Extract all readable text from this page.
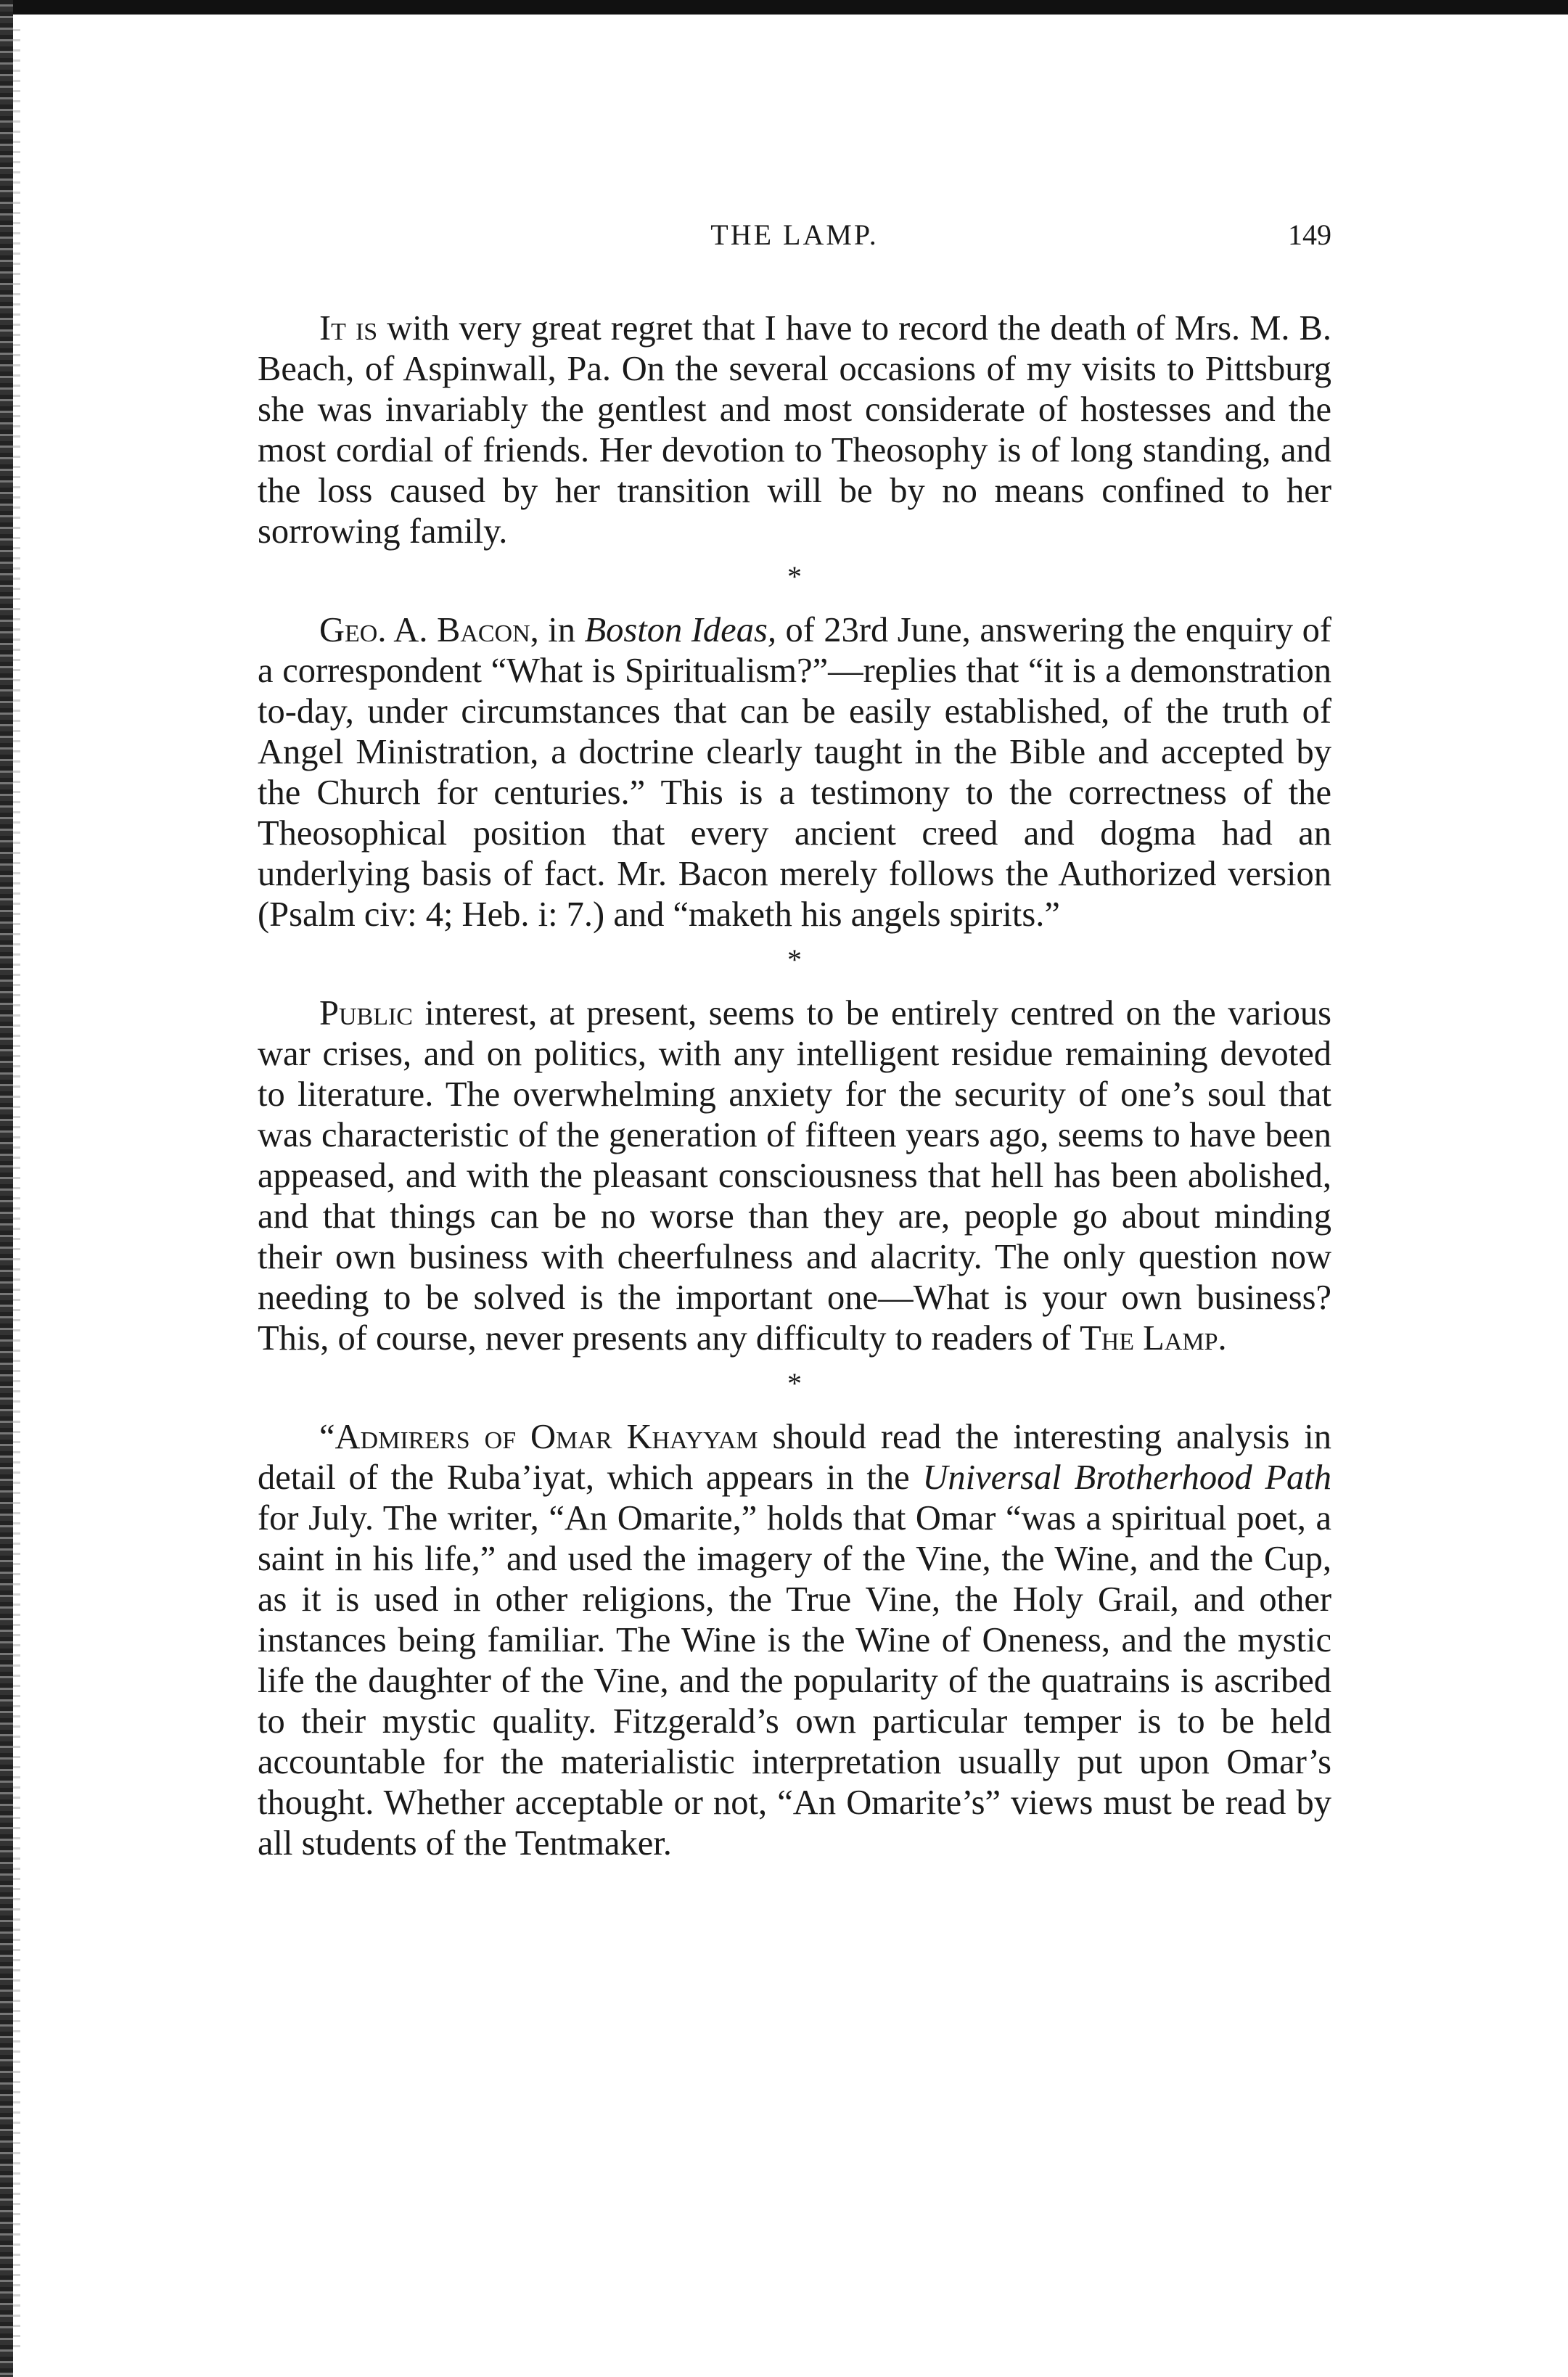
THE LAMP.	149

It is with very great regret that I have to record the death of Mrs. M. B. Beach, of Aspinwall, Pa. On the several occasions of my visits to Pittsburg she was invariably the gentlest and most considerate of hostesses and the most cordial of friends. Her devotion to Theosophy is of long standing, and the loss caused by her transition will be by no means confined to her sorrowing family.

*

Geo. A. Bacon, in Boston Ideas, of 23rd June, answering the enquiry of a correspondent “What is Spiritualism?”—replies that “it is a demonstration to-day, under circumstances that can be easily established, of the truth of Angel Ministration, a doctrine clearly taught in the Bible and accepted by the Church for centuries.” This is a testimony to the correctness of the Theosophical position that every ancient creed and dogma had an underlying basis of fact. Mr. Bacon merely follows the Authorized version (Psalm civ: 4; Heb. i: 7.) and “maketh his angels spirits.”

*

Public interest, at present, seems to be entirely centred on the various war crises, and on politics, with any intelligent residue remaining devoted to literature. The overwhelming anxiety for the security of one’s soul that was characteristic of the generation of fifteen years ago, seems to have been appeased, and with the pleasant consciousness that hell has been abolished, and that things can be no worse than they are, people go about minding their own business with cheerfulness and alacrity. The only question now needing to be solved is the important one—What is your own business? This, of course, never presents any difficulty to readers of The Lamp.

*

“Admirers of Omar Khayyam should read the interesting analysis in detail of the Ruba’iyat, which appears in the Universal Brotherhood Path for July. The writer, “An Omarite,” holds that Omar “was a spiritual poet, a saint in his life,” and used the imagery of the Vine, the Wine, and the Cup, as it is used in other religions, the True Vine, the Holy Grail, and other instances being familiar. The Wine is the Wine of Oneness, and the mystic life the daughter of the Vine, and the popularity of the quatrains is ascribed to their mystic quality. Fitzgerald’s own particular temper is to be held accountable for the materialistic interpretation usually put upon Omar’s thought. Whether acceptable or not, “An Omarite’s” views must be read by all students of the Tentmaker.
